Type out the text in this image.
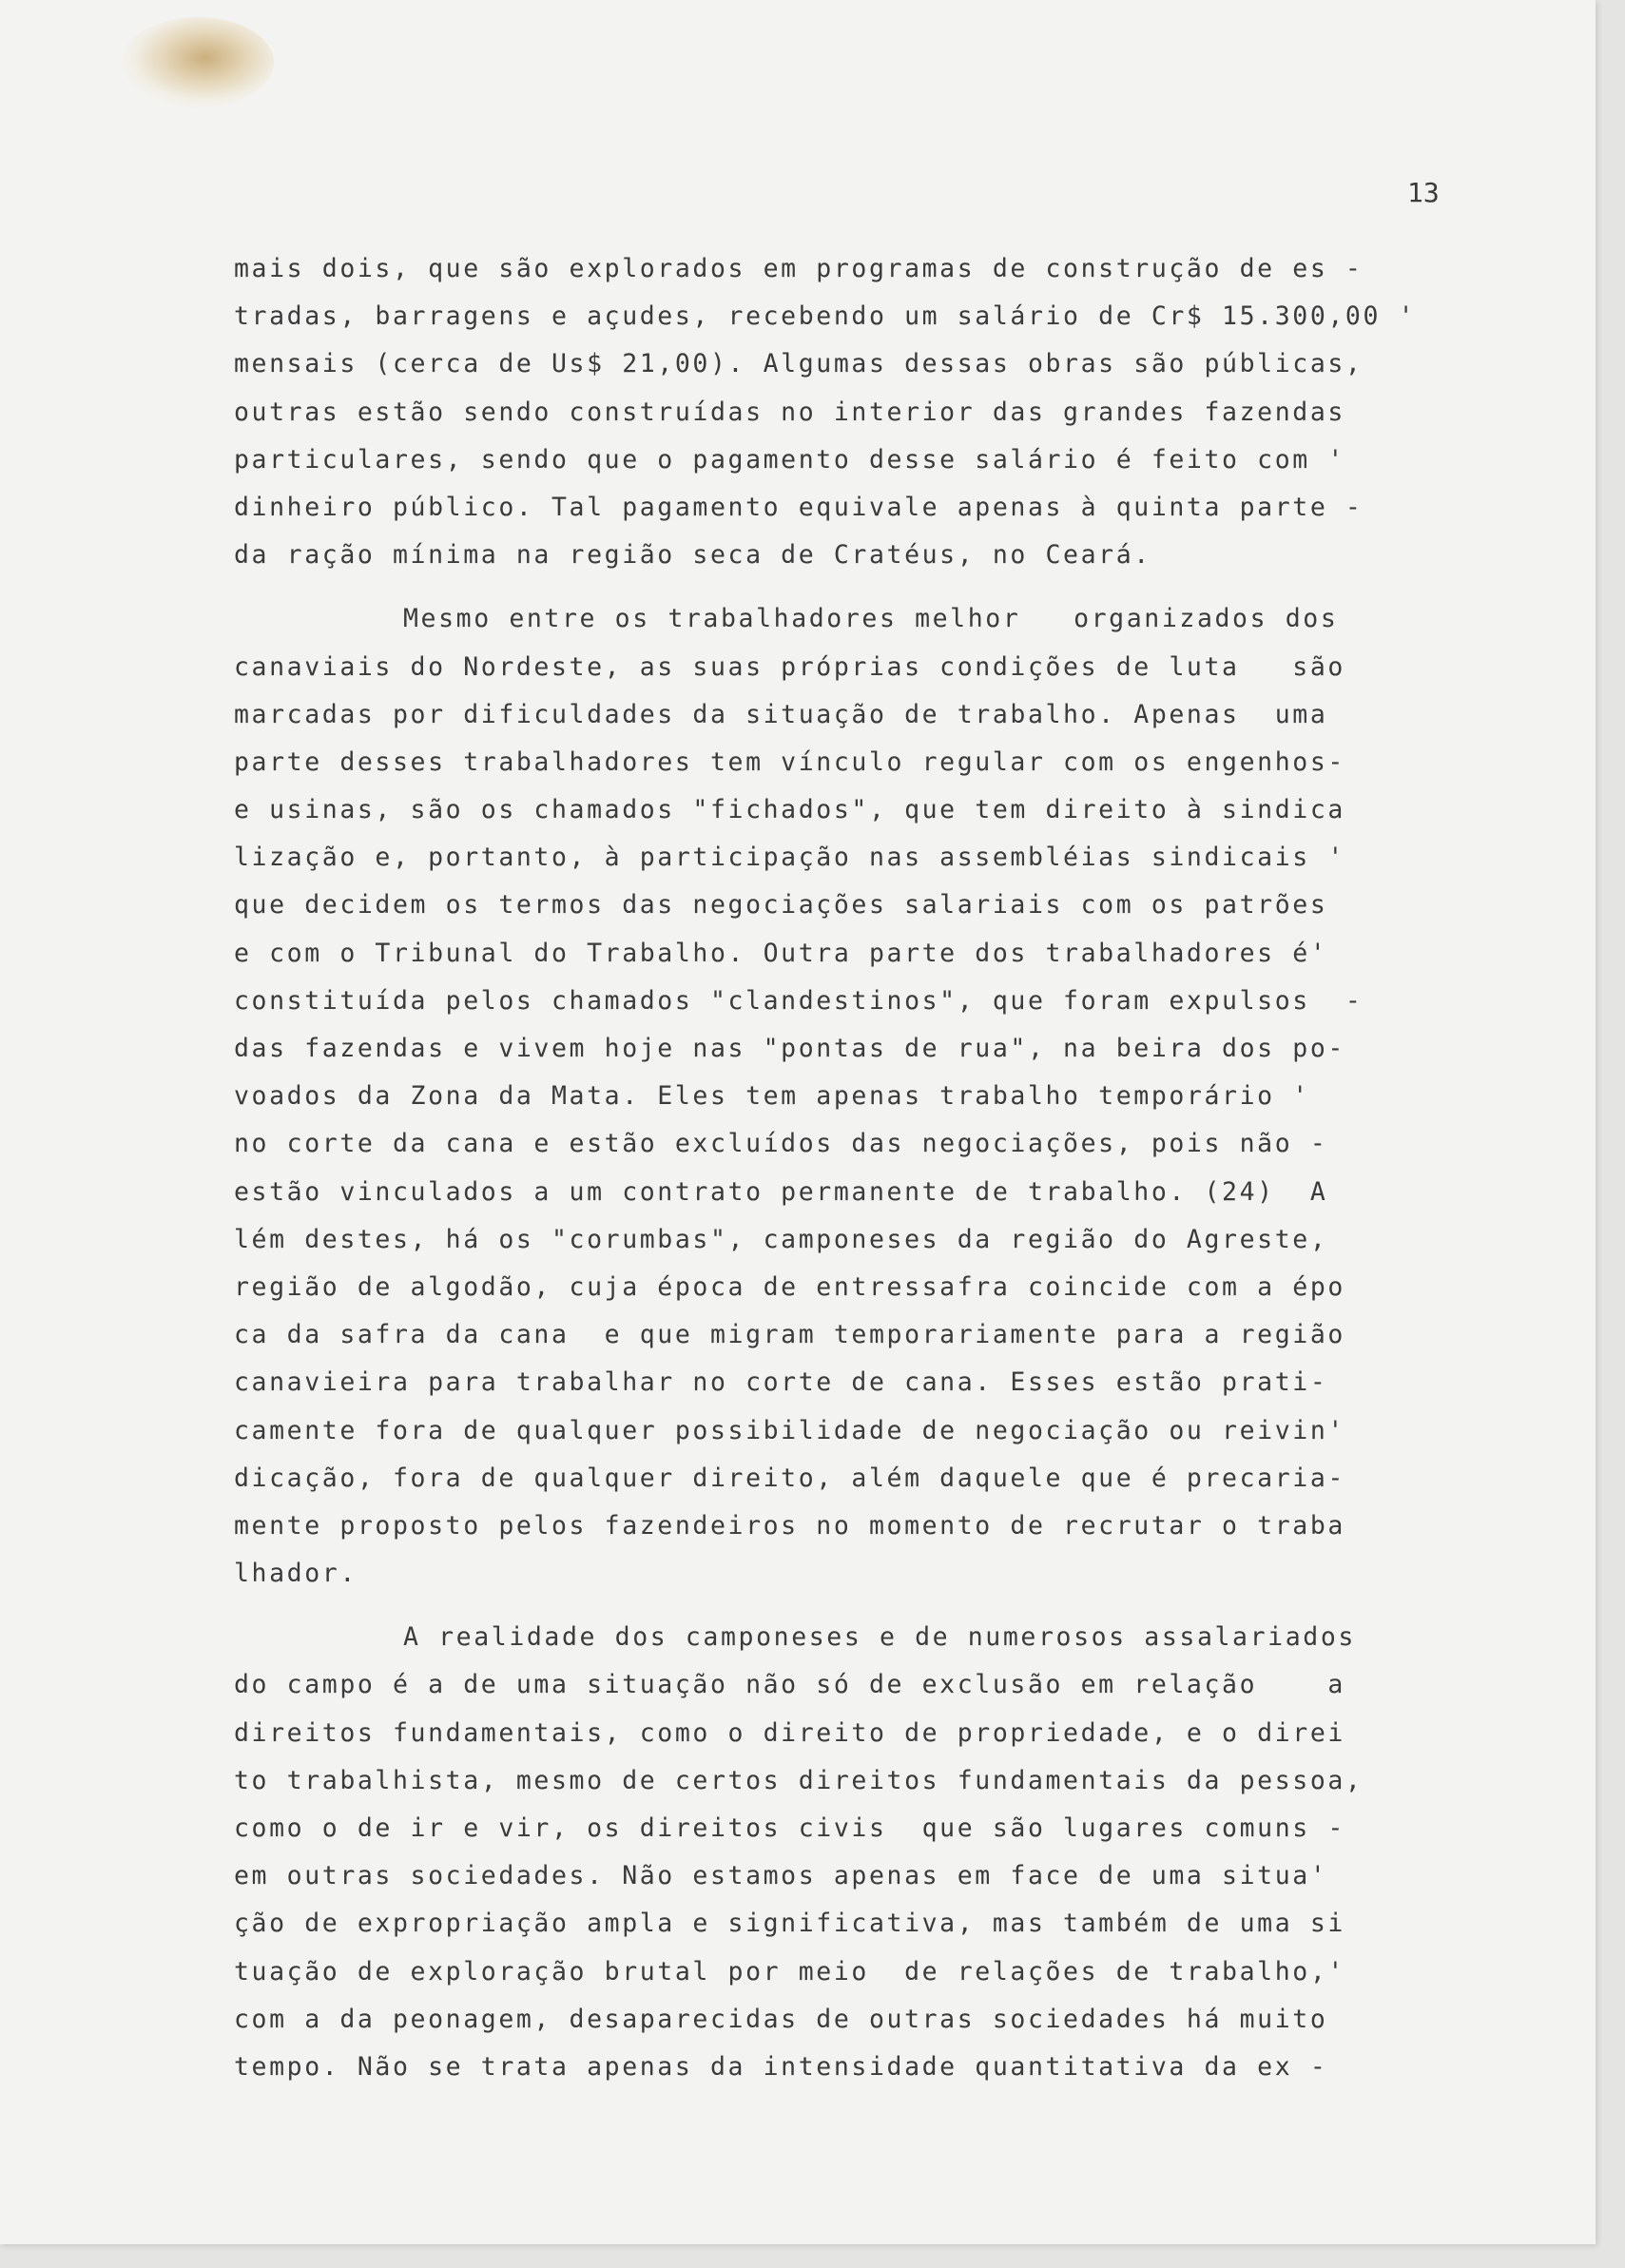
13
mais dois, que são explorados em programas de construção de es -
tradas, barragens e açudes, recebendo um salário de Cr$ 15.300,00 '
mensais (cerca de Us$ 21,00). Algumas dessas obras são públicas,
outras estão sendo construídas no interior das grandes fazendas
particulares, sendo que o pagamento desse salário é feito com '
dinheiro público. Tal pagamento equivale apenas à quinta parte -
da ração mínima na região seca de Cratéus, no Ceará.
Mesmo entre os trabalhadores melhor   organizados dos
canaviais do Nordeste, as suas próprias condições de luta   são
marcadas por dificuldades da situação de trabalho. Apenas  uma
parte desses trabalhadores tem vínculo regular com os engenhos-
e usinas, são os chamados "fichados", que tem direito à sindica
lização e, portanto, à participação nas assembléias sindicais '
que decidem os termos das negociações salariais com os patrões
e com o Tribunal do Trabalho. Outra parte dos trabalhadores é'
constituída pelos chamados "clandestinos", que foram expulsos  -
das fazendas e vivem hoje nas "pontas de rua", na beira dos po-
voados da Zona da Mata. Eles tem apenas trabalho temporário '
no corte da cana e estão excluídos das negociações, pois não -
estão vinculados a um contrato permanente de trabalho. (24)  A
lém destes, há os "corumbas", camponeses da região do Agreste,
região de algodão, cuja época de entressafra coincide com a épo
ca da safra da cana  e que migram temporariamente para a região
canavieira para trabalhar no corte de cana. Esses estão prati-
camente fora de qualquer possibilidade de negociação ou reivin'
dicação, fora de qualquer direito, além daquele que é precaria-
mente proposto pelos fazendeiros no momento de recrutar o traba
lhador.
A realidade dos camponeses e de numerosos assalariados
do campo é a de uma situação não só de exclusão em relação    a
direitos fundamentais, como o direito de propriedade, e o direi
to trabalhista, mesmo de certos direitos fundamentais da pessoa,
como o de ir e vir, os direitos civis  que são lugares comuns -
em outras sociedades. Não estamos apenas em face de uma situa'
ção de expropriação ampla e significativa, mas também de uma si
tuação de exploração brutal por meio  de relações de trabalho,'
com a da peonagem, desaparecidas de outras sociedades há muito
tempo. Não se trata apenas da intensidade quantitativa da ex -
